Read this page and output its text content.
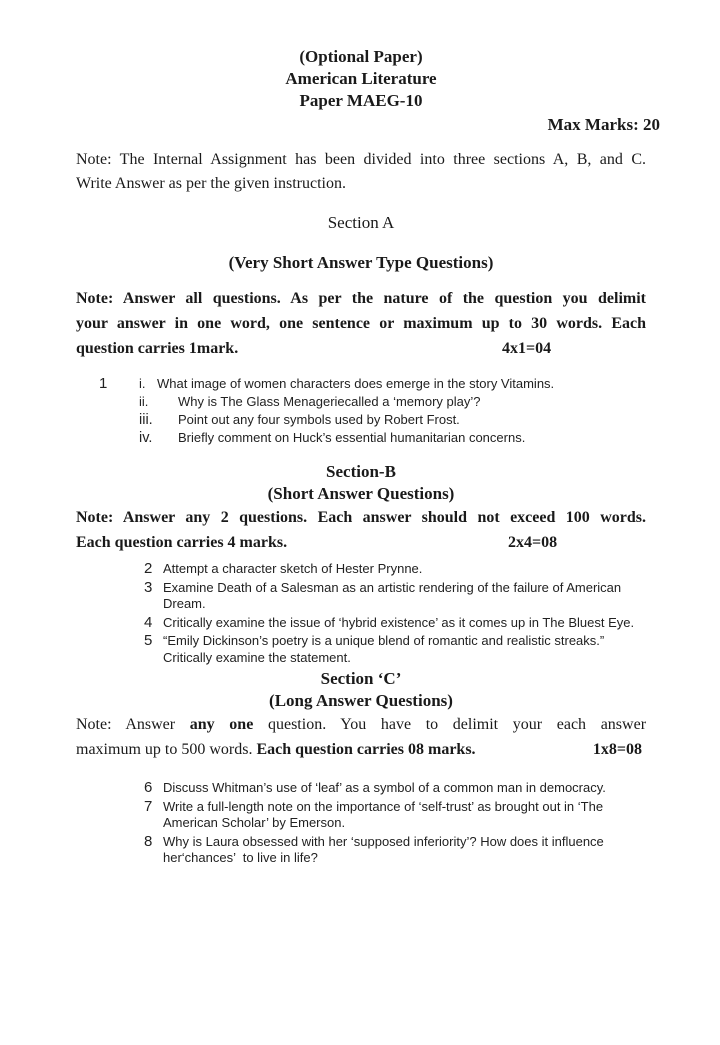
(Optional Paper)
American Literature
Paper MAEG-10
Max Marks: 20
Note: The Internal Assignment has been divided into three sections A, B, and C.
Write Answer as per the given instruction.
Section A
(Very Short Answer Type Questions)
Note: Answer all questions. As per the nature of the question you delimit
your answer in one word, one sentence or maximum up to 30 words. Each
question carries 1mark.	4x1=04
1	i. What image of women characters does emerge in the story Vitamins.
ii. Why is The Glass Menageriecalled a ‘memory play’?
iii. Point out any four symbols used by Robert Frost.
iv. Briefly comment on Huck’s essential humanitarian concerns.
Section-B
(Short Answer Questions)
Note: Answer any 2 questions. Each answer should not exceed 100 words.
Each question carries 4 marks.	2x4=08
2 Attempt a character sketch of Hester Prynne.
3 Examine Death of a Salesman as an artistic rendering of the failure of American Dream.
4 Critically examine the issue of ‘hybrid existence’ as it comes up in The Bluest Eye.
5 “Emily Dickinson’s poetry is a unique blend of romantic and realistic streaks.” Critically examine the statement.
Section ‘C’
(Long Answer Questions)
Note: Answer any one question. You have to delimit your each answer
maximum up to 500 words. Each question carries 08 marks.	1x8=08
6 Discuss Whitman’s use of ‘leaf’ as a symbol of a common man in democracy.
7 Write a full-length note on the importance of ‘self-trust’ as brought out in ‘The American Scholar’ by Emerson.
8 Why is Laura obsessed with her ‘supposed inferiority’? How does it influence her‘chances’  to live in life?
